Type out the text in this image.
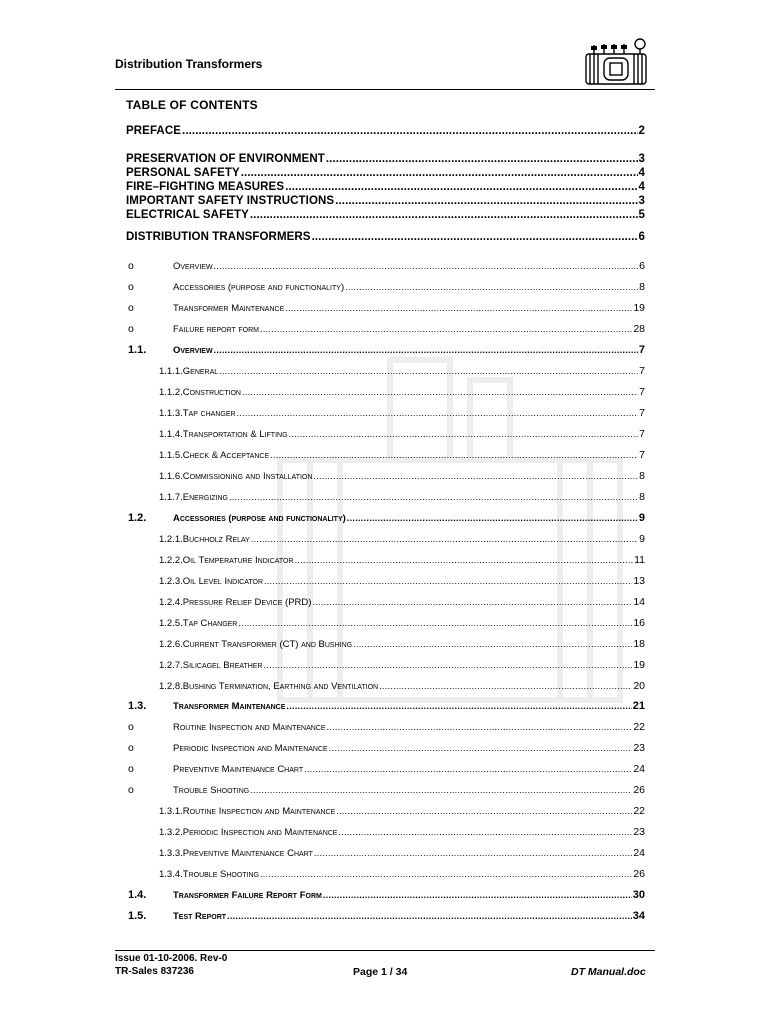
Distribution Transformers
TABLE OF CONTENTS
PREFACE .....	2
PRESERVATION OF ENVIRONMENT .....	3
PERSONAL SAFETY .....	4
FIRE–FIGHTING MEASURES .....	4
IMPORTANT SAFETY INSTRUCTIONS .....	3
ELECTRICAL SAFETY .....	5
DISTRIBUTION TRANSFORMERS .....	6
o	Overview .....	6
o	Accessories (purpose and functionality) .....	8
o	Transformer Maintenance .....	19
o	Failure report form .....	28
1.1.	Overview .....	7
1.1.1.General .....	7
1.1.2.Construction .....	7
1.1.3.Tap changer .....	7
1.1.4.Transportation & Lifting .....	7
1.1.5.Check & Acceptance .....	7
1.1.6.Commissioning and Installation .....	8
1.1.7.Energizing .....	8
1.2.	Accessories (purpose and functionality) .....	9
1.2.1.Buchholz Relay .....	9
1.2.2.Oil Temperature Indicator .....	11
1.2.3.Oil Level Indicator .....	13
1.2.4.Pressure Relief Device (PRD) .....	14
1.2.5.Tap Changer .....	16
1.2.6.Current Transformer (CT) and Bushing .....	18
1.2.7.Silicagel Breather .....	19
1.2.8.Bushing Termination, Earthing and Ventilation .....	20
1.3.	Transformer Maintenance .....	21
o	Routine Inspection and Maintenance .....	22
o	Periodic Inspection and Maintenance .....	23
o	Preventive Maintenance Chart .....	24
o	Trouble Shooting .....	26
1.3.1.Routine Inspection and Maintenance .....	22
1.3.2.Periodic Inspection and Maintenance .....	23
1.3.3.Preventive Maintenance Chart .....	24
1.3.4.Trouble Shooting .....	26
1.4.	Transformer Failure Report Form .....	30
1.5.	Test Report .....	34
Issue 01-10-2006. Rev-0
TR-Sales 837236	Page 1 / 34	DT Manual.doc
